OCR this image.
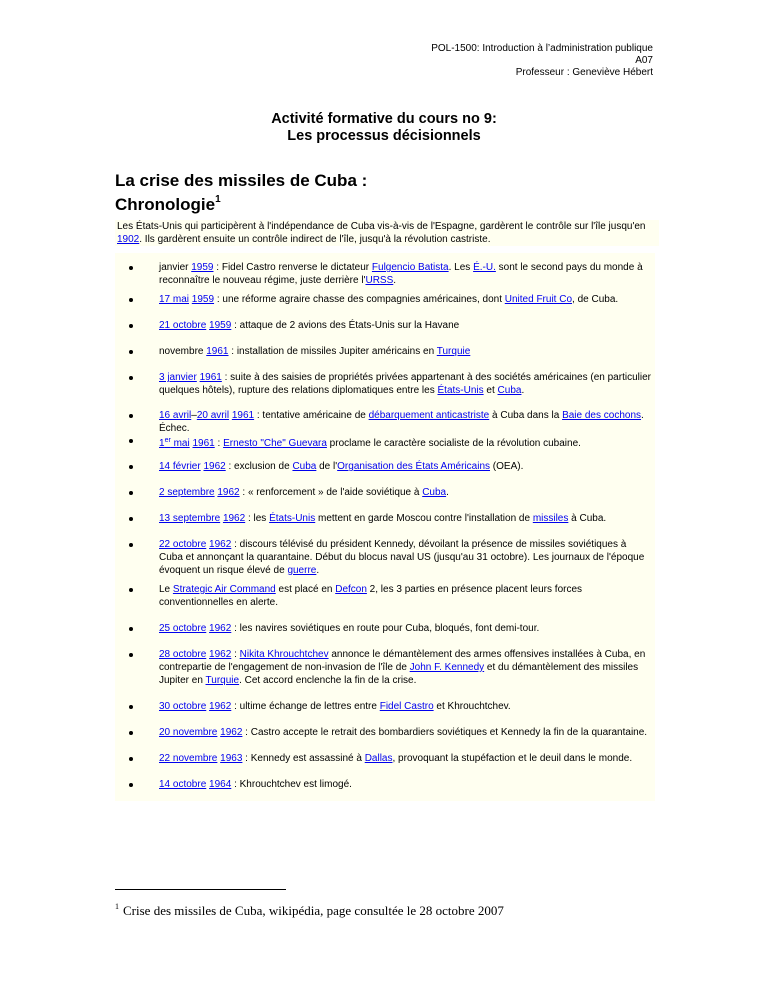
POL-1500: Introduction à l’administration publique
A07
Professeur : Geneviève Hébert
Activité formative du cours no 9:
Les processus décisionnels
La crise des missiles de Cuba :
Chronologie$^1$
Les États-Unis qui participèrent à l'indépendance de Cuba vis-à-vis de l'Espagne, gardèrent le contrôle sur l'île jusqu'en 1902. Ils gardèrent ensuite un contrôle indirect de l'île, jusqu'à la révolution castriste.
janvier 1959 : Fidel Castro renverse le dictateur Fulgencio Batista. Les É.-U. sont le second pays du monde à reconnaître le nouveau régime, juste derrière l'URSS.
17 mai 1959 : une réforme agraire chasse des compagnies américaines, dont United Fruit Co, de Cuba.
21 octobre 1959 : attaque de 2 avions des États-Unis sur la Havane
novembre 1961 : installation de missiles Jupiter américains en Turquie
3 janvier 1961 : suite à des saisies de propriétés privées appartenant à des sociétés américaines (en particulier quelques hôtels), rupture des relations diplomatiques entre les États-Unis et Cuba.
16 avril–20 avril 1961 : tentative américaine de débarquement anticastriste à Cuba dans la Baie des cochons. Échec.
1er mai 1961 : Ernesto "Che" Guevara proclame le caractère socialiste de la révolution cubaine.
14 février 1962 : exclusion de Cuba de l'Organisation des États Américains (OEA).
2 septembre 1962 : « renforcement » de l'aide soviétique à Cuba.
13 septembre 1962 : les États-Unis mettent en garde Moscou contre l'installation de missiles à Cuba.
22 octobre 1962 : discours télévisé du président Kennedy, dévoilant la présence de missiles soviétiques à Cuba et annonçant la quarantaine. Début du blocus naval US (jusqu'au 31 octobre). Les journaux de l'époque évoquent un risque élevé de guerre.
Le Strategic Air Command est placé en Defcon 2, les 3 parties en présence placent leurs forces conventionnelles en alerte.
25 octobre 1962 : les navires soviétiques en route pour Cuba, bloqués, font demi-tour.
28 octobre 1962 : Nikita Khrouchtchev annonce le démantèlement des armes offensives installées à Cuba, en contrepartie de l'engagement de non-invasion de l'île de John F. Kennedy et du démantèlement des missiles Jupiter en Turquie. Cet accord enclenche la fin de la crise.
30 octobre 1962 : ultime échange de lettres entre Fidel Castro et Khrouchtchev.
20 novembre 1962 : Castro accepte le retrait des bombardiers soviétiques et Kennedy la fin de la quarantaine.
22 novembre 1963 : Kennedy est assassiné à Dallas, provoquant la stupéfaction et le deuil dans le monde.
14 octobre 1964 : Khrouchtchev est limogé.
$^1$ Crise des missiles de Cuba, wikipédia, page consultée le 28 octobre 2007
